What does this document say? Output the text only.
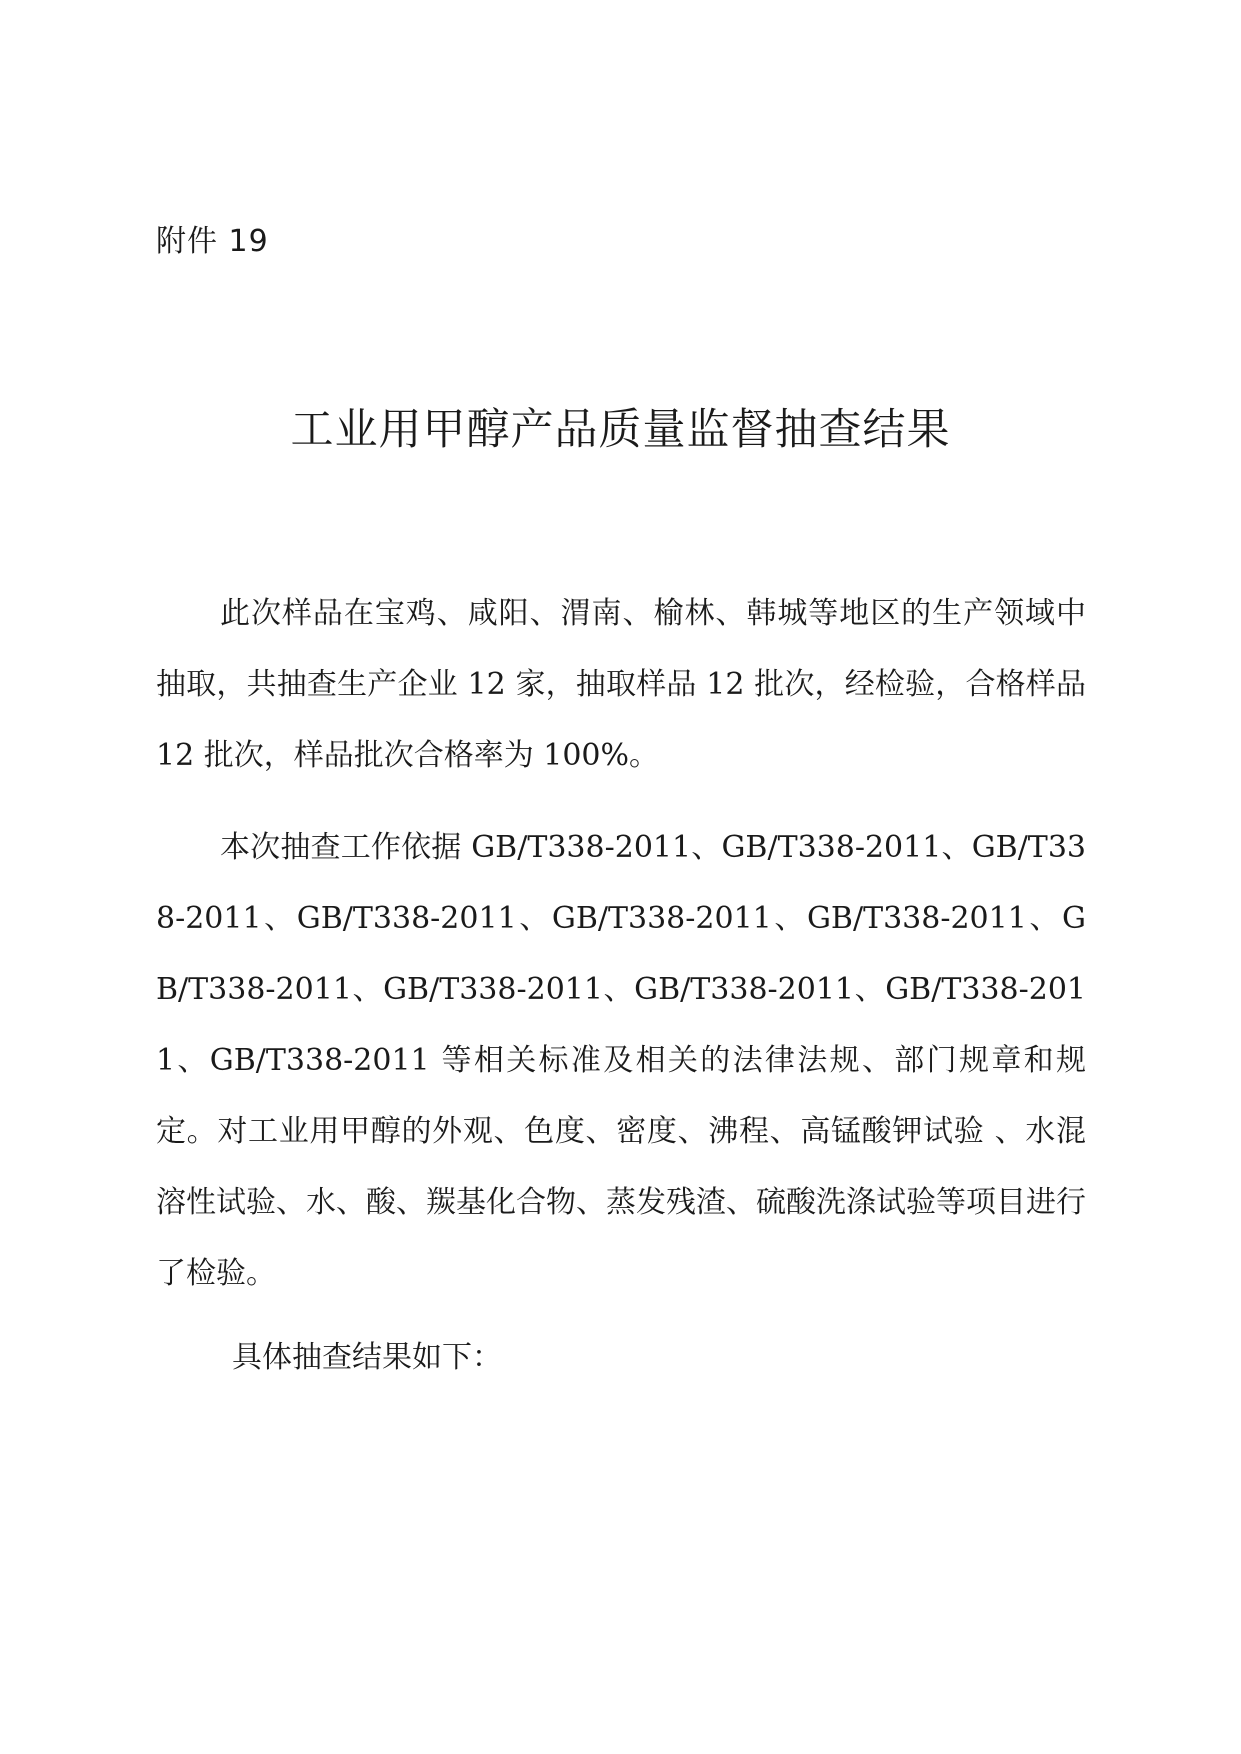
附件 19
工业用甲醇产品质量监督抽查结果

此次样品在宝鸡、咸阳、渭南、榆林、韩城等地区的生产领域中抽取，共抽查生产企业 12 家，抽取样品 12 批次，经检验，合格样品 12 批次，样品批次合格率为 100%。

本次抽查工作依据 GB/T338-2011、GB/T338-2011、GB/T338-2011、GB/T338-2011、GB/T338-2011、GB/T338-2011、GB/T338-2011、GB/T338-2011、GB/T338-2011、GB/T338-2011、GB/T338-2011 等相关标准及相关的法律法规、部门规章和规定。对工业用甲醇的外观、色度、密度、沸程、高锰酸钾试验 、水混溶性试验、水、酸、羰基化合物、蒸发残渣、硫酸洗涤试验等项目进行了检验。

具体抽查结果如下：
